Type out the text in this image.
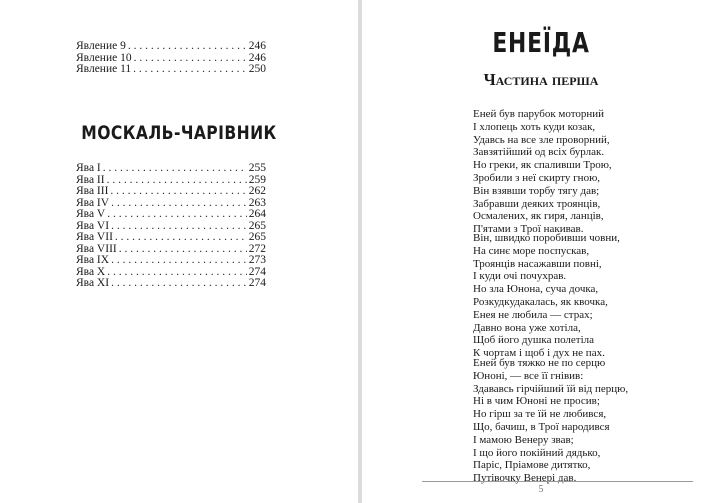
Явление 9 . . .	246
Явление 10 . . .	246
Явление 11 . . .	250
МОСКАЛЬ-ЧАРІВНИК
Ява I . . .	255
Ява II . . .	259
Ява III . . .	262
Ява IV . . .	263
Ява V . . .	264
Ява VI . . .	265
Ява VII . . .	265
Ява VIII . . .	272
Ява IX . . .	273
Ява X . . .	274
Ява XI . . .	274
ЕНЕЇДА
Частина перша
Еней був парубок моторний
І хлопець хоть куди козак,
Удавсь на все зле проворний,
Завзятійший од всіх бурлак.
Но греки, як спаливши Трою,
Зробили з неї скирту гною,
Він взявши торбу тягу дав;
Забравши деяких троянців,
Осмалених, як гиря, ланців,
П'ятами з Трої накивав.
Він, швидко поробивши човни,
На синє море поспускав,
Троянців насажавши повні,
І куди очі почухрав.
Но зла Юнона, суча дочка,
Розкудкудакалась, як квочка,
Енея не любила — страх;
Давно вона уже хотіла,
Щоб його душка полетіла
К чортам і щоб і дух не пах.
Еней був тяжко не по серцю
Юноні, — все її гнівив:
Здававсь гірчійший їй від перцю,
Ні в чим Юноні не просив;
Но гірш за те їй не любився,
Що, бачиш, в Трої народився
І мамою Венеру звав;
І що його покійний дядько,
Паріс, Пріамове дитятко,
Путівочку Венері дав.
5
